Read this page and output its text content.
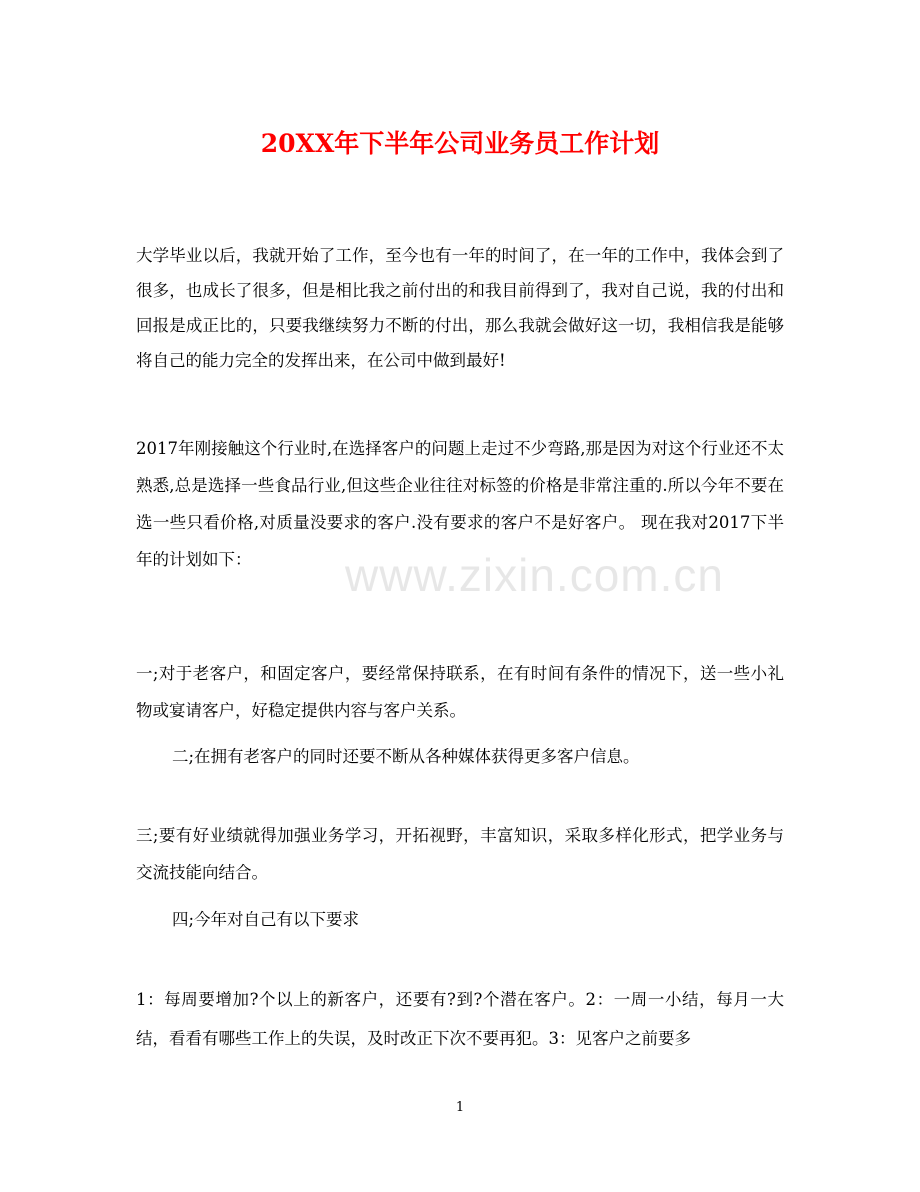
20XX年下半年公司业务员工作计划

大学毕业以后，我就开始了工作，至今也有一年的时间了，在一年的工作中，我体会到了很多，也成长了很多，但是相比我之前付出的和我目前得到了，我对自己说，我的付出和回报是成正比的，只要我继续努力不断的付出，那么我就会做好这一切，我相信我是能够将自己的能力完全的发挥出来，在公司中做到最好!

2017年刚接触这个行业时,在选择客户的问题上走过不少弯路,那是因为对这个行业还不太熟悉,总是选择一些食品行业,但这些企业往往对标签的价格是非常注重的.所以今年不要在选一些只看价格,对质量没要求的客户.没有要求的客户不是好客户。 现在我对2017下半年的计划如下：

一;对于老客户，和固定客户，要经常保持联系，在有时间有条件的情况下，送一些小礼物或宴请客户，好稳定提供内容与客户关系。

二;在拥有老客户的同时还要不断从各种媒体获得更多客户信息。

三;要有好业绩就得加强业务学习，开拓视野，丰富知识，采取多样化形式，把学业务与交流技能向结合。

四;今年对自己有以下要求

1：每周要增加?个以上的新客户，还要有?到?个潜在客户。2：一周一小结，每月一大结，看看有哪些工作上的失误，及时改正下次不要再犯。3：见客户之前要多

www.zixin.com.cn
1
